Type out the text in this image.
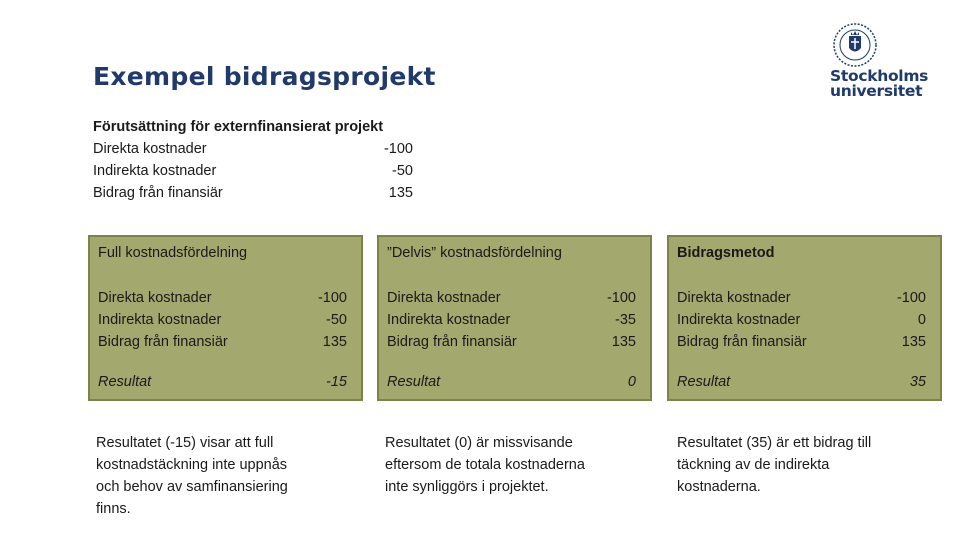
Exempel bidragsprojekt	Stockholms
universitet
Förutsättning för externfinansierat projekt
Direkta kostnader	-100
Indirekta kostnader	-50
Bidrag från finansiär	135
Full kostnadsfördelning
Direkta kostnader	-100
Indirekta kostnader	-50
Bidrag från finansiär	135
Resultat	-15
”Delvis” kostnadsfördelning
Direkta kostnader	-100
Indirekta kostnader	-35
Bidrag från finansiär	135
Resultat	0
Bidragsmetod
Direkta kostnader	-100
Indirekta kostnader	0
Bidrag från finansiär	135
Resultat	35
Resultatet (-15) visar att full
kostnadstäckning inte uppnås
och behov av samfinansiering
finns.
Resultatet (0) är missvisande
eftersom de totala kostnaderna
inte synliggörs i projektet.
Resultatet (35) är ett bidrag till
täckning av de indirekta
kostnaderna.
